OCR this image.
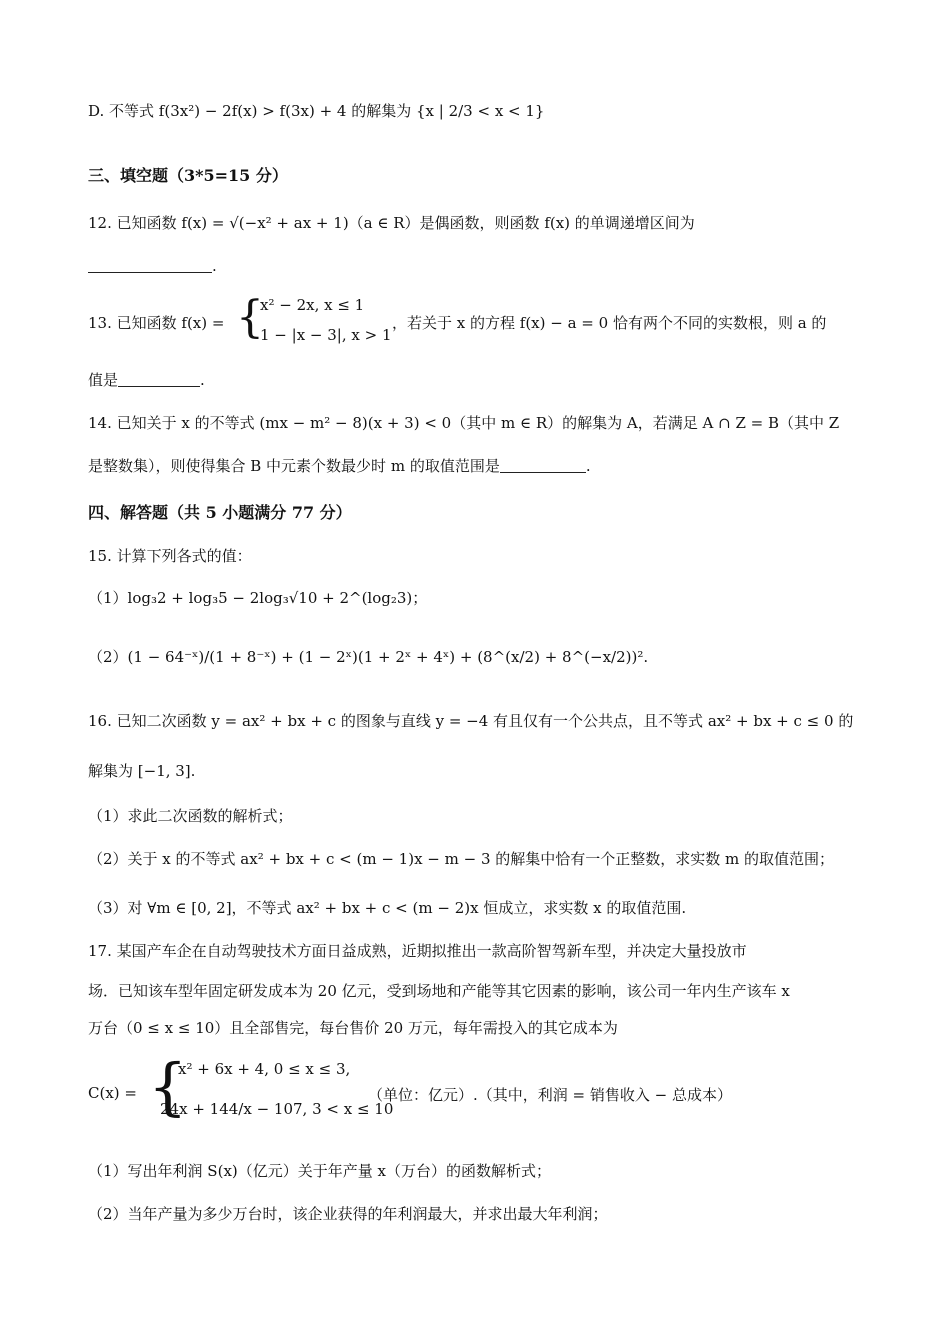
D. 不等式 f(3x²) − 2f(x) > f(3x) + 4 的解集为 {x | 2/3 < x < 1}
三、填空题（3*5=15 分）
12. 已知函数 f(x) = √(−x² + ax + 1)（a ∈ R）是偶函数，则函数 f(x) 的单调递增区间为
.
13. 已知函数 f(x) = {
x² − 2x, x ≤ 1
1 − |x − 3|, x > 1
，若关于 x 的方程 f(x) − a = 0 恰有两个不同的实数根，则 a 的
值是	.
14. 已知关于 x 的不等式 (mx − m² − 8)(x + 3) < 0（其中 m ∈ R）的解集为 A，若满足 A ∩ Z = B（其中 Z
是整数集），则使得集合 B 中元素个数最少时 m 的取值范围是	.
四、解答题（共 5 小题满分 77 分）
15. 计算下列各式的值：
（1）log₃2 + log₃5 − 2log₃√10 + 2^(log₂3)；
（2）(1 − 64⁻ˣ)/(1 + 8⁻ˣ) + (1 − 2ˣ)(1 + 2ˣ + 4ˣ) + (8^(x/2) + 8^(−x/2))².
16. 已知二次函数 y = ax² + bx + c 的图象与直线 y = −4 有且仅有一个公共点，且不等式 ax² + bx + c ≤ 0 的
解集为 [−1, 3].
（1）求此二次函数的解析式；
（2）关于 x 的不等式 ax² + bx + c < (m − 1)x − m − 3 的解集中恰有一个正整数，求实数 m 的取值范围；
（3）对 ∀m ∈ [0, 2]，不等式 ax² + bx + c < (m − 2)x 恒成立，求实数 x 的取值范围.
17. 某国产车企在自动驾驶技术方面日益成熟，近期拟推出一款高阶智驾新车型，并决定大量投放市
场．已知该车型年固定研发成本为 20 亿元，受到场地和产能等其它因素的影响，该公司一年内生产该车 x
万台（0 ≤ x ≤ 10）且全部售完，每台售价 20 万元，每年需投入的其它成本为
C(x) = {
x² + 6x + 4, 0 ≤ x ≤ 3,
24x + 144/x − 107, 3 < x ≤ 10
（单位：亿元）.（其中，利润 = 销售收入 − 总成本）
（1）写出年利润 S(x)（亿元）关于年产量 x（万台）的函数解析式；
（2）当年产量为多少万台时，该企业获得的年利润最大，并求出最大年利润；
